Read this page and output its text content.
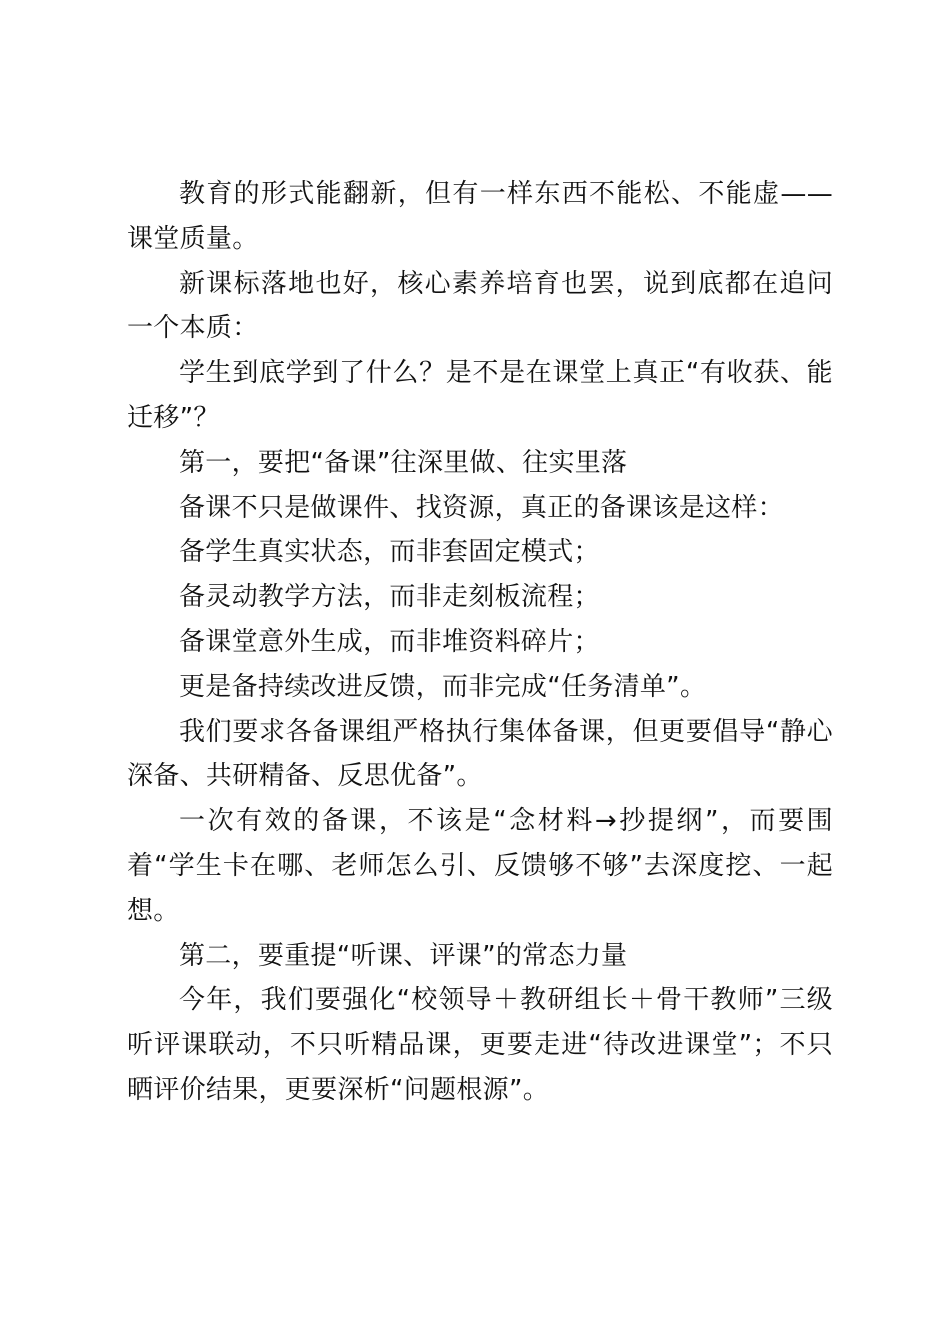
教育的形式能翻新，但有一样东西不能松、不能虚——课堂质量。

新课标落地也好，核心素养培育也罢，说到底都在追问一个本质：

学生到底学到了什么？是不是在课堂上真正“有收获、能迁移”？

第一，要把“备课”往深里做、往实里落

备课不只是做课件、找资源，真正的备课该是这样：

备学生真实状态，而非套固定模式；

备灵动教学方法，而非走刻板流程；

备课堂意外生成，而非堆资料碎片；

更是备持续改进反馈，而非完成“任务清单”。

我们要求各备课组严格执行集体备课，但更要倡导“静心深备、共研精备、反思优备”。

一次有效的备课，不该是“念材料→抄提纲”，而要围着“学生卡在哪、老师怎么引、反馈够不够”去深度挖、一起想。

第二，要重提“听课、评课”的常态力量

今年，我们要强化“校领导＋教研组长＋骨干教师”三级听评课联动，不只听精品课，更要走进“待改进课堂”；不只晒评价结果，更要深析“问题根源”。
